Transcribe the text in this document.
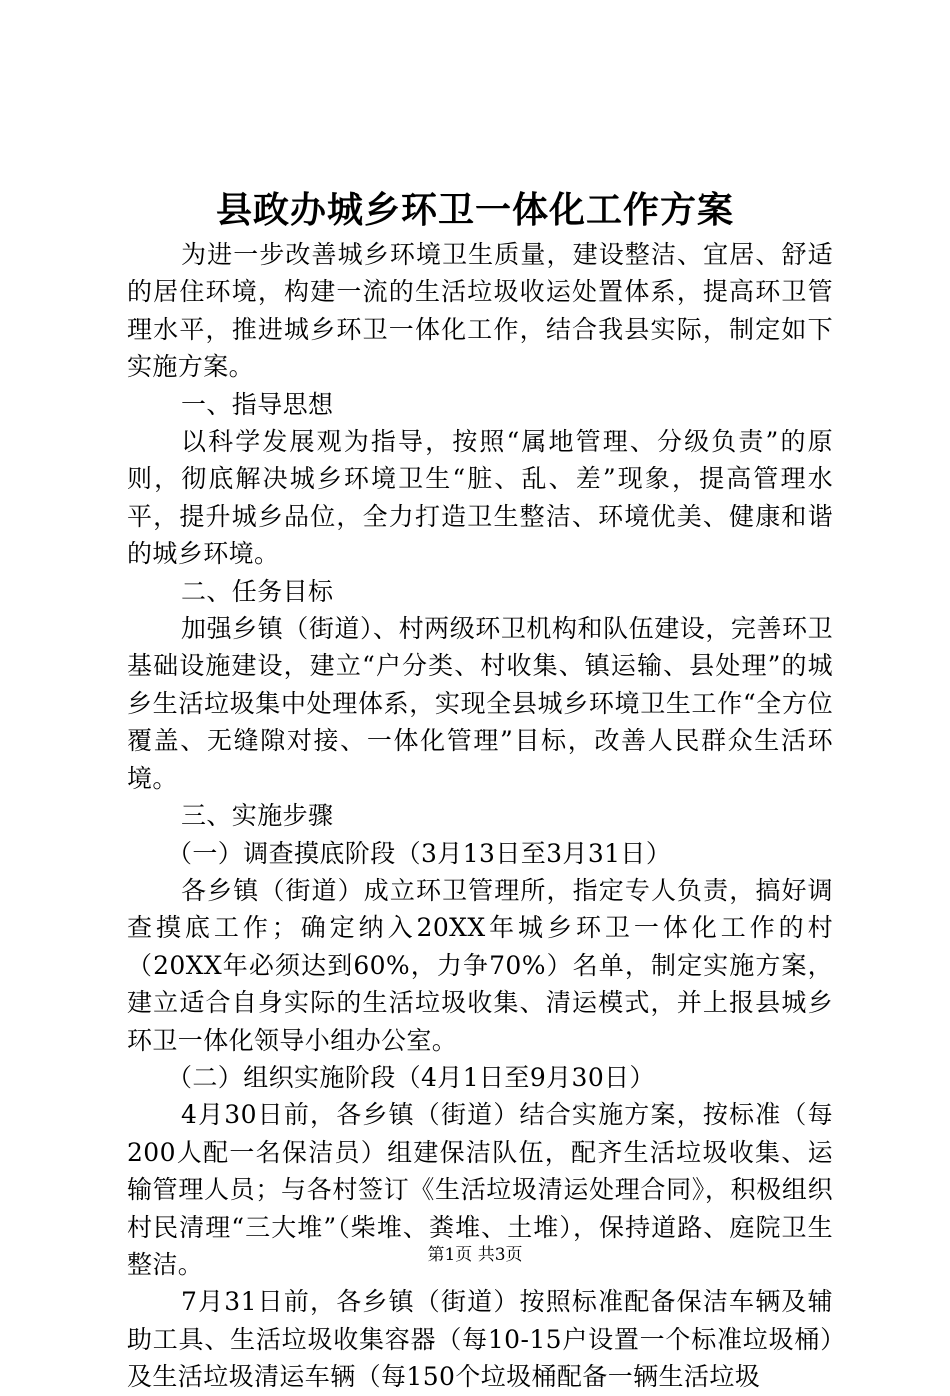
县政办城乡环卫一体化工作方案

为进一步改善城乡环境卫生质量，建设整洁、宜居、舒适的居住环境，构建一流的生活垃圾收运处置体系，提高环卫管理水平，推进城乡环卫一体化工作，结合我县实际，制定如下实施方案。

一、指导思想

以科学发展观为指导，按照“属地管理、分级负责”的原则，彻底解决城乡环境卫生“脏、乱、差”现象，提高管理水平，提升城乡品位，全力打造卫生整洁、环境优美、健康和谐的城乡环境。

二、任务目标

加强乡镇（街道）、村两级环卫机构和队伍建设，完善环卫基础设施建设，建立“户分类、村收集、镇运输、县处理”的城乡生活垃圾集中处理体系，实现全县城乡环境卫生工作“全方位覆盖、无缝隙对接、一体化管理”目标，改善人民群众生活环境。

三、实施步骤

（一）调查摸底阶段（3月13日至3月31日）

各乡镇（街道）成立环卫管理所，指定专人负责，搞好调查摸底工作；确定纳入20XX年城乡环卫一体化工作的村（20XX年必须达到60%，力争70%）名单，制定实施方案，建立适合自身实际的生活垃圾收集、清运模式，并上报县城乡环卫一体化领导小组办公室。

（二）组织实施阶段（4月1日至9月30日）

4月30日前，各乡镇（街道）结合实施方案，按标准（每200人配一名保洁员）组建保洁队伍，配齐生活垃圾收集、运输管理人员；与各村签订《生活垃圾清运处理合同》，积极组织村民清理“三大堆”（柴堆、粪堆、土堆），保持道路、庭院卫生整洁。

7月31日前，各乡镇（街道）按照标准配备保洁车辆及辅助工具、生活垃圾收集容器（每10-15户设置一个标准垃圾桶）及生活垃圾清运车辆（每150个垃圾桶配备一辆生活垃圾

第1页 共3页
